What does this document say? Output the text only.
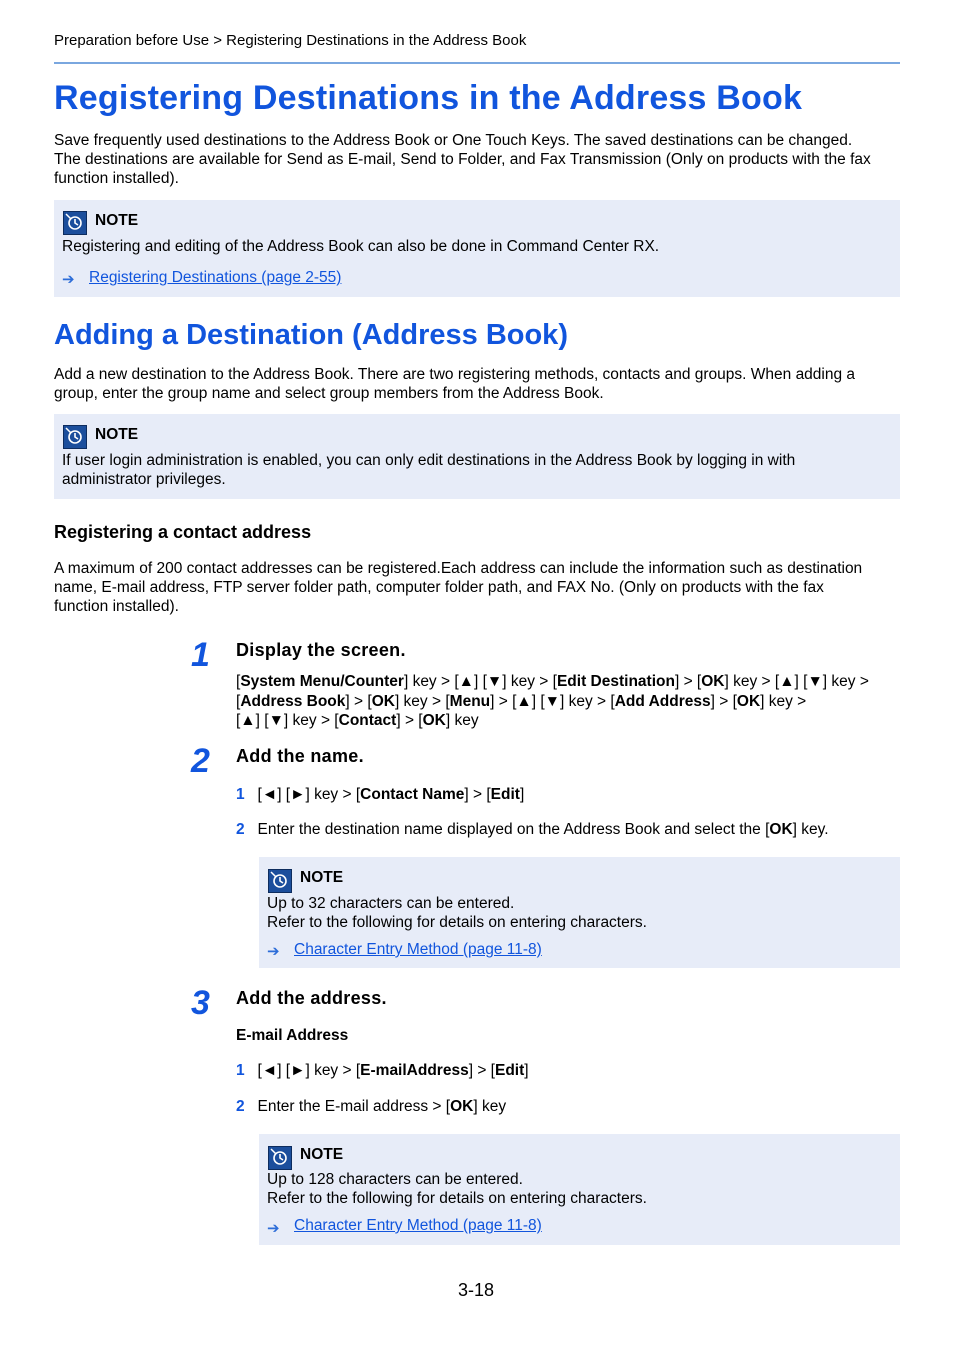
Preparation before Use > Registering Destinations in the Address Book
Registering Destinations in the Address Book
Save frequently used destinations to the Address Book or One Touch Keys. The saved destinations can be changed.
The destinations are available for Send as E-mail, Send to Folder, and Fax Transmission (Only on products with the fax
function installed).
NOTE
Registering and editing of the Address Book can also be done in Command Center RX.
➔ Registering Destinations (page 2-55)
Adding a Destination (Address Book)
Add a new destination to the Address Book. There are two registering methods, contacts and groups. When adding a
group, enter the group name and select group members from the Address Book.
NOTE
If user login administration is enabled, you can only edit destinations in the Address Book by logging in with
administrator privileges.
Registering a contact address
A maximum of 200 contact addresses can be registered.Each address can include the information such as destination
name, E-mail address, FTP server folder path, computer folder path, and FAX No. (Only on products with the fax
function installed).
1 Display the screen.
[System Menu/Counter] key > [▲] [▼] key > [Edit Destination] > [OK] key > [▲] [▼] key >
[Address Book] > [OK] key > [Menu] > [▲] [▼] key > [Add Address] > [OK] key >
[▲] [▼] key > [Contact] > [OK] key
2 Add the name.
1   [◄] [►] key > [Contact Name] > [Edit]
2 Enter the destination name displayed on the Address Book and select the [OK] key.
NOTE
Up to 32 characters can be entered.
Refer to the following for details on entering characters.
➔ Character Entry Method (page 11-8)
3 Add the address.
E-mail Address
1   [◄] [►] key > [E-mailAddress] > [Edit]
2 Enter the E-mail address > [OK] key
NOTE
Up to 128 characters can be entered.
Refer to the following for details on entering characters.
➔ Character Entry Method (page 11-8)
3-18
